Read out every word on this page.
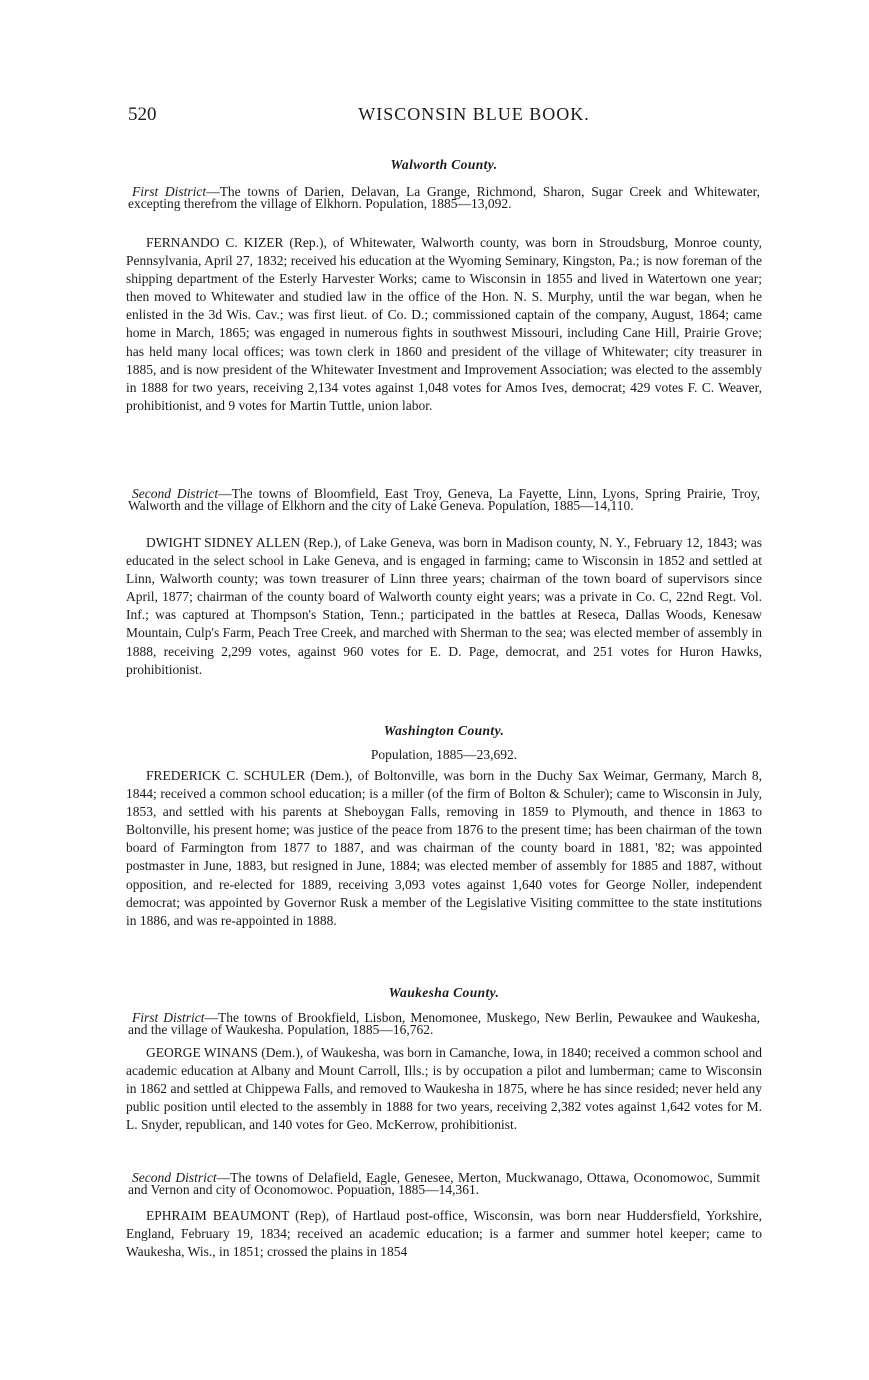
520	WISCONSIN BLUE BOOK.
Walworth County.
First District—The towns of Darien, Delavan, La Grange, Richmond, Sharon, Sugar Creek and Whitewater, excepting therefrom the village of Elkhorn. Population, 1885—13,092.
FERNANDO C. KIZER (Rep.), of Whitewater, Walworth county, was born in Stroudsburg, Monroe county, Pennsylvania, April 27, 1832; received his education at the Wyoming Seminary, Kingston, Pa.; is now foreman of the shipping department of the Esterly Harvester Works; came to Wisconsin in 1855 and lived in Watertown one year; then moved to Whitewater and studied law in the office of the Hon. N. S. Murphy, until the war began, when he enlisted in the 3d Wis. Cav.; was first lieut. of Co. D.; commissioned captain of the company, August, 1864; came home in March, 1865; was engaged in numerous fights in southwest Missouri, including Cane Hill, Prairie Grove; has held many local offices; was town clerk in 1860 and president of the village of Whitewater; city treasurer in 1885, and is now president of the Whitewater Investment and Improvement Association; was elected to the assembly in 1888 for two years, receiving 2,134 votes against 1,048 votes for Amos Ives, democrat; 429 votes F. C. Weaver, prohibitionist, and 9 votes for Martin Tuttle, union labor.
Second District—The towns of Bloomfield, East Troy, Geneva, La Fayette, Linn, Lyons, Spring Prairie, Troy, Walworth and the village of Elkhorn and the city of Lake Geneva. Population, 1885—14,110.
DWIGHT SIDNEY ALLEN (Rep.), of Lake Geneva, was born in Madison county, N. Y., February 12, 1843; was educated in the select school in Lake Geneva, and is engaged in farming; came to Wisconsin in 1852 and settled at Linn, Walworth county; was town treasurer of Linn three years; chairman of the town board of supervisors since April, 1877; chairman of the county board of Walworth county eight years; was a private in Co. C, 22nd Regt. Vol. Inf.; was captured at Thompson's Station, Tenn.; participated in the battles at Reseca, Dallas Woods, Kenesaw Mountain, Culp's Farm, Peach Tree Creek, and marched with Sherman to the sea; was elected member of assembly in 1888, receiving 2,299 votes, against 960 votes for E. D. Page, democrat, and 251 votes for Huron Hawks, prohibitionist.
Washington County.
Population, 1885—23,692.
FREDERICK C. SCHULER (Dem.), of Boltonville, was born in the Duchy Sax Weimar, Germany, March 8, 1844; received a common school education; is a miller (of the firm of Bolton & Schuler); came to Wisconsin in July, 1853, and settled with his parents at Sheboygan Falls, removing in 1859 to Plymouth, and thence in 1863 to Boltonville, his present home; was justice of the peace from 1876 to the present time; has been chairman of the town board of Farmington from 1877 to 1887, and was chairman of the county board in 1881, '82; was appointed postmaster in June, 1883, but resigned in June, 1884; was elected member of assembly for 1885 and 1887, without opposition, and re-elected for 1889, receiving 3,093 votes against 1,640 votes for George Noller, independent democrat; was appointed by Governor Rusk a member of the Legislative Visiting committee to the state institutions in 1886, and was re-appointed in 1888.
Waukesha County.
First District—The towns of Brookfield, Lisbon, Menomonee, Muskego, New Berlin, Pewaukee and Waukesha, and the village of Waukesha. Population, 1885—16,762.
GEORGE WINANS (Dem.), of Waukesha, was born in Camanche, Iowa, in 1840; received a common school and academic education at Albany and Mount Carroll, Ills.; is by occupation a pilot and lumberman; came to Wisconsin in 1862 and settled at Chippewa Falls, and removed to Waukesha in 1875, where he has since resided; never held any public position until elected to the assembly in 1888 for two years, receiving 2,382 votes against 1,642 votes for M. L. Snyder, republican, and 140 votes for Geo. McKerrow, prohibitionist.
Second District—The towns of Delafield, Eagle, Genesee, Merton, Muckwanago, Ottawa, Oconomowoc, Summit and Vernon and city of Oconomowoc. Popuation, 1885—14,361.
EPHRAIM BEAUMONT (Rep), of Hartlaud post-office, Wisconsin, was born near Huddersfield, Yorkshire, England, February 19, 1834; received an academic education; is a farmer and summer hotel keeper; came to Waukesha, Wis., in 1851; crossed the plains in 1854
